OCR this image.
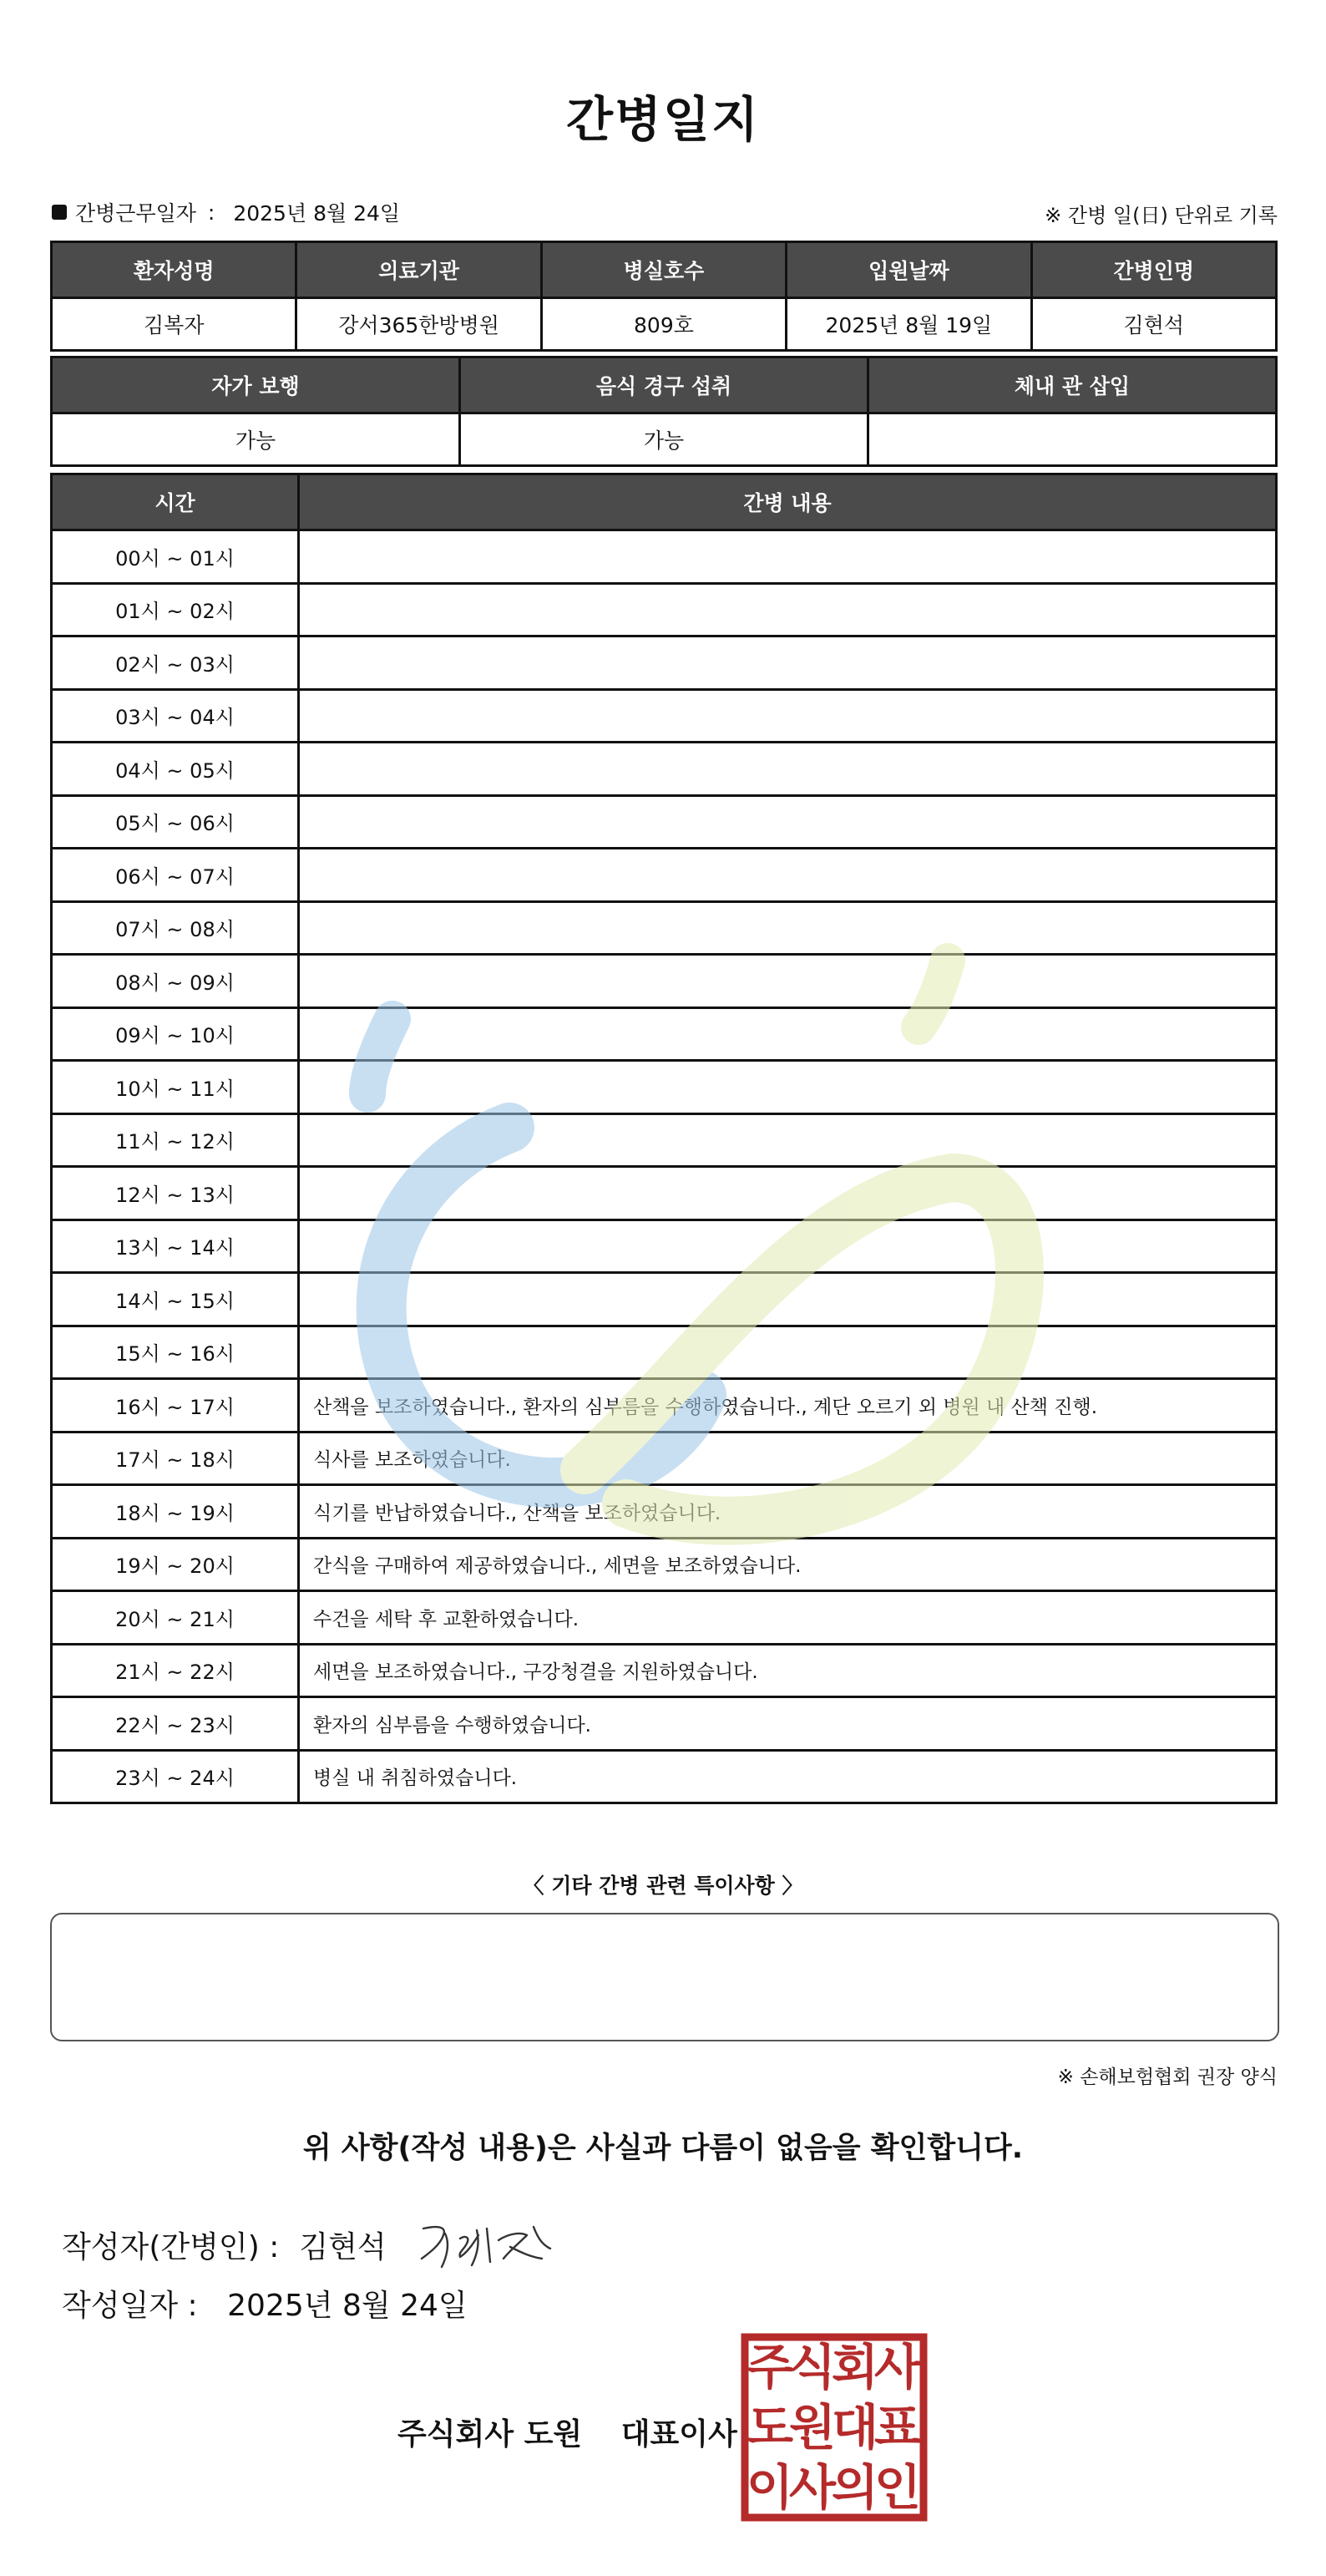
간병일지
간병근무일자 : 2025년 8월 24일	※ 간병 일(日) 단위로 기록
환자성명	의료기관	병실호수	입원날짜	간병인명
김복자	강서365한방병원	809호	2025년 8월 19일	김현석
자가 보행	음식 경구 섭취	체내 관 삽입
가능	가능	
시간	간병 내용
00시 ~ 01시	
01시 ~ 02시	
02시 ~ 03시	
03시 ~ 04시	
04시 ~ 05시	
05시 ~ 06시	
06시 ~ 07시	
07시 ~ 08시	
08시 ~ 09시	
09시 ~ 10시	
10시 ~ 11시	
11시 ~ 12시	
12시 ~ 13시	
13시 ~ 14시	
14시 ~ 15시	
15시 ~ 16시	
16시 ~ 17시	산책을 보조하였습니다., 환자의 심부름을 수행하였습니다., 계단 오르기 외 병원 내 산책 진행.
17시 ~ 18시	식사를 보조하였습니다.
18시 ~ 19시	식기를 반납하였습니다., 산책을 보조하였습니다.
19시 ~ 20시	간식을 구매하여 제공하였습니다., 세면을 보조하였습니다.
20시 ~ 21시	수건을 세탁 후 교환하였습니다.
21시 ~ 22시	세면을 보조하였습니다., 구강청결을 지원하였습니다.
22시 ~ 23시	환자의 심부름을 수행하였습니다.
23시 ~ 24시	병실 내 취침하였습니다.
〈 기타 간병 관련 특이사항 〉
※ 손해보험협회 권장 양식
위 사항(작성 내용)은 사실과 다름이 없음을 확인합니다.
작성자(간병인) : 김현석
작성일자 : 2025년 8월 24일
주식회사 도원 대표이사
주
식
회
사
도
원
대
표
이
사
의
인
